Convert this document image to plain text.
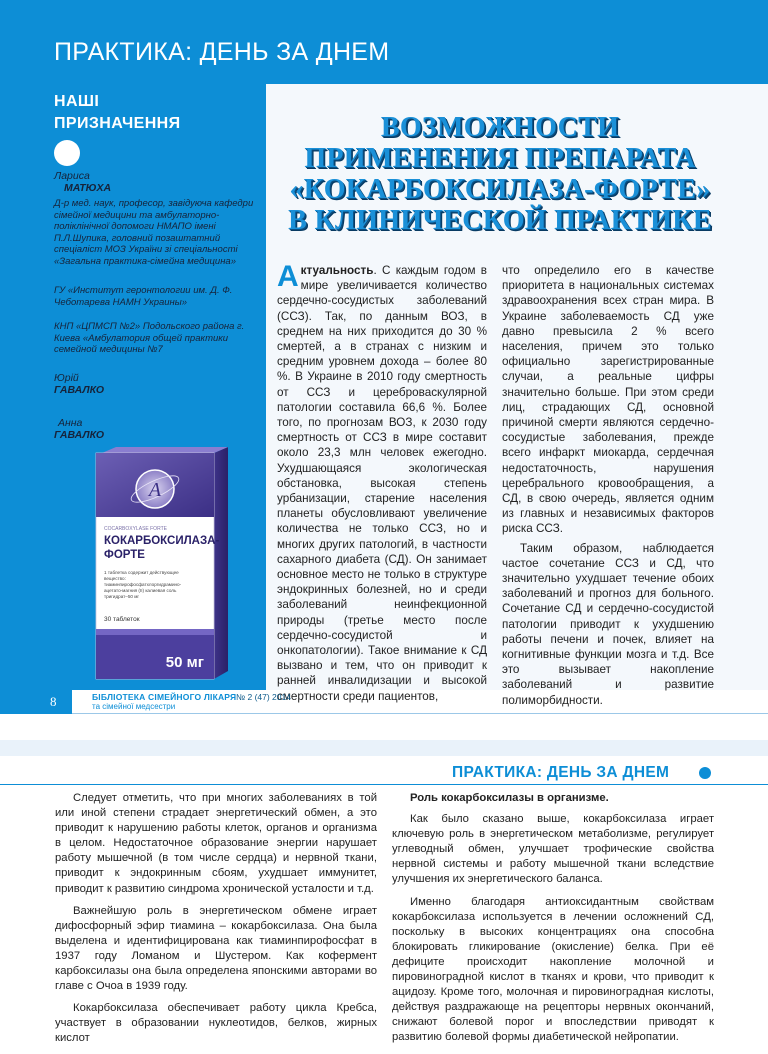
ПРАКТИКА: ДЕНЬ ЗА ДНЕМ
НАШІ
ПРИЗНАЧЕННЯ
Лариса
МАТЮХА
Д-р мед. наук, професор, завідуюча кафедри сімейної медицини та амбулаторно-поліклінічної допомоги НМАПО імені П.Л.Шупика, головний позаштатний спеціаліст МОЗ України зі спеціальності «Загальна практика-сімейна медицина»
ГУ «Институт геронтологии им. Д. Ф. Чеботарева НАМН Украины»
КНП «ЦПМСП №2» Подольского района г. Киева «Амбулатория общей практики семейной медицины №7
Юрій
ГАВАЛКО
Анна
ГАВАЛКО
A
COCARBOXYLASE FORTE
КОКАРБОКСИЛАЗА-
ФОРТЕ
1 таблетка содержит действующее
вещество:
тиаминпирофосфатхлоргидрамино-
ацетато-магния (II) калиевая соль
тригидрат–50 мг
30 таблеток
50 мг
ВОЗМОЖНОСТИ
ПРИМЕНЕНИЯ ПРЕПАРАТА
«КОКАРБОКСИЛАЗА-ФОРТЕ»
В КЛИНИЧЕСКОЙ ПРАКТИКЕ

Актуальность. С каждым годом в мире увеличивается количество сердечно-сосудистых заболеваний (ССЗ). Так, по данным ВОЗ, в среднем на них приходится до 30 % смертей, а в странах с низким и средним уровнем дохода – более 80 %. В Украине в 2010 году смертность от ССЗ и цереброваскулярной патологии составила 66,6 %. Более того, по прогнозам ВОЗ, к 2030 году смертность от ССЗ в мире составит около 23,3 млн человек ежегодно. Ухудшающаяся экологическая обстановка, высокая степень урбанизации, старение населения планеты обусловливают увеличение количества не только ССЗ, но и многих других патологий, в частности сахарного диабета (СД). Он занимает основное место не только в структуре эндокринных болезней, но и среди заболеваний неинфекционной природы (третье место после сердечно-сосудистой и онкопатологии). Такое внимание к СД вызвано и тем, что он приводит к ранней инвалидизации и высокой смертности среди пациентов,

что определило его в качестве приоритета в национальных системах здравоохранения всех стран мира. В Украине заболеваемость СД уже давно превысила 2 % всего населения, причем это только официально зарегистрированные случаи, а реальные цифры значительно больше. При этом среди лиц, страдающих СД, основной причиной смерти являются сердечно-сосудистые заболевания, прежде всего инфаркт миокарда, сердечная недостаточность, нарушения церебрального кровообращения, а СД, в свою очередь, является одним из главных и независимых факторов риска ССЗ.

Таким образом, наблюдается частое сочетание ССЗ и СД, что значительно ухудшает течение обоих заболеваний и прогноз для больного. Сочетание СД и сердечно-сосудистой патологии приводит к ухудшению работы печени и почек, влияет на когнитивные функции мозга и т.д. Все это вызывает накопление заболеваний и развитие полиморбидности.

8	БІБЛІОТЕКА СІМЕЙНОГО ЛІКАРЯ № 2 (47) 2014
та сімейної медсестри
ПРАКТИКА: ДЕНЬ ЗА ДНЕМ

Следует отметить, что при многих заболеваниях в той или иной степени страдает энергетический обмен, а это приводит к нарушению работы клеток, органов и организма в целом. Недостаточное образование энергии нарушает работу мышечной (в том числе сердца) и нервной ткани, приводит к эндокринным сбоям, ухудшает иммунитет, приводит к развитию синдрома хронической усталости и т.д.

Важнейшую роль в энергетическом обмене играет дифосфорный эфир тиамина – кокарбоксилаза. Она была выделена и идентифицирована как тиаминпирофосфат в 1937 году Ломаном и Шустером. Как кофермент карбоксилазы она была определена японскими авторами во главе с Очоа в 1939 году.

Кокарбоксилаза обеспечивает работу цикла Кребса, участвует в образовании нуклеотидов, белков, жирных кислот

Роль кокарбоксилазы в организме.

Как было сказано выше, кокарбоксилаза играет ключевую роль в энергетическом метаболизме, регулирует углеводный обмен, улучшает трофические свойства нервной системы и работу мышечной ткани вследствие улучшения их энергетического баланса.

Именно благодаря антиоксидантным свойствам кокарбоксилаза используется в лечении осложнений СД, поскольку в высоких концентрациях она способна блокировать гликирование (окисление) белка. При её дефиците происходит накопление молочной и пировиноградной кислот в тканях и крови, что приводит к ацидозу. Кроме того, молочная и пировиноградная кислоты, действуя раздражающе на рецепторы нервных окончаний, снижают болевой порог и впоследствии приводят к развитию болевой формы диабетической нейропатии.
